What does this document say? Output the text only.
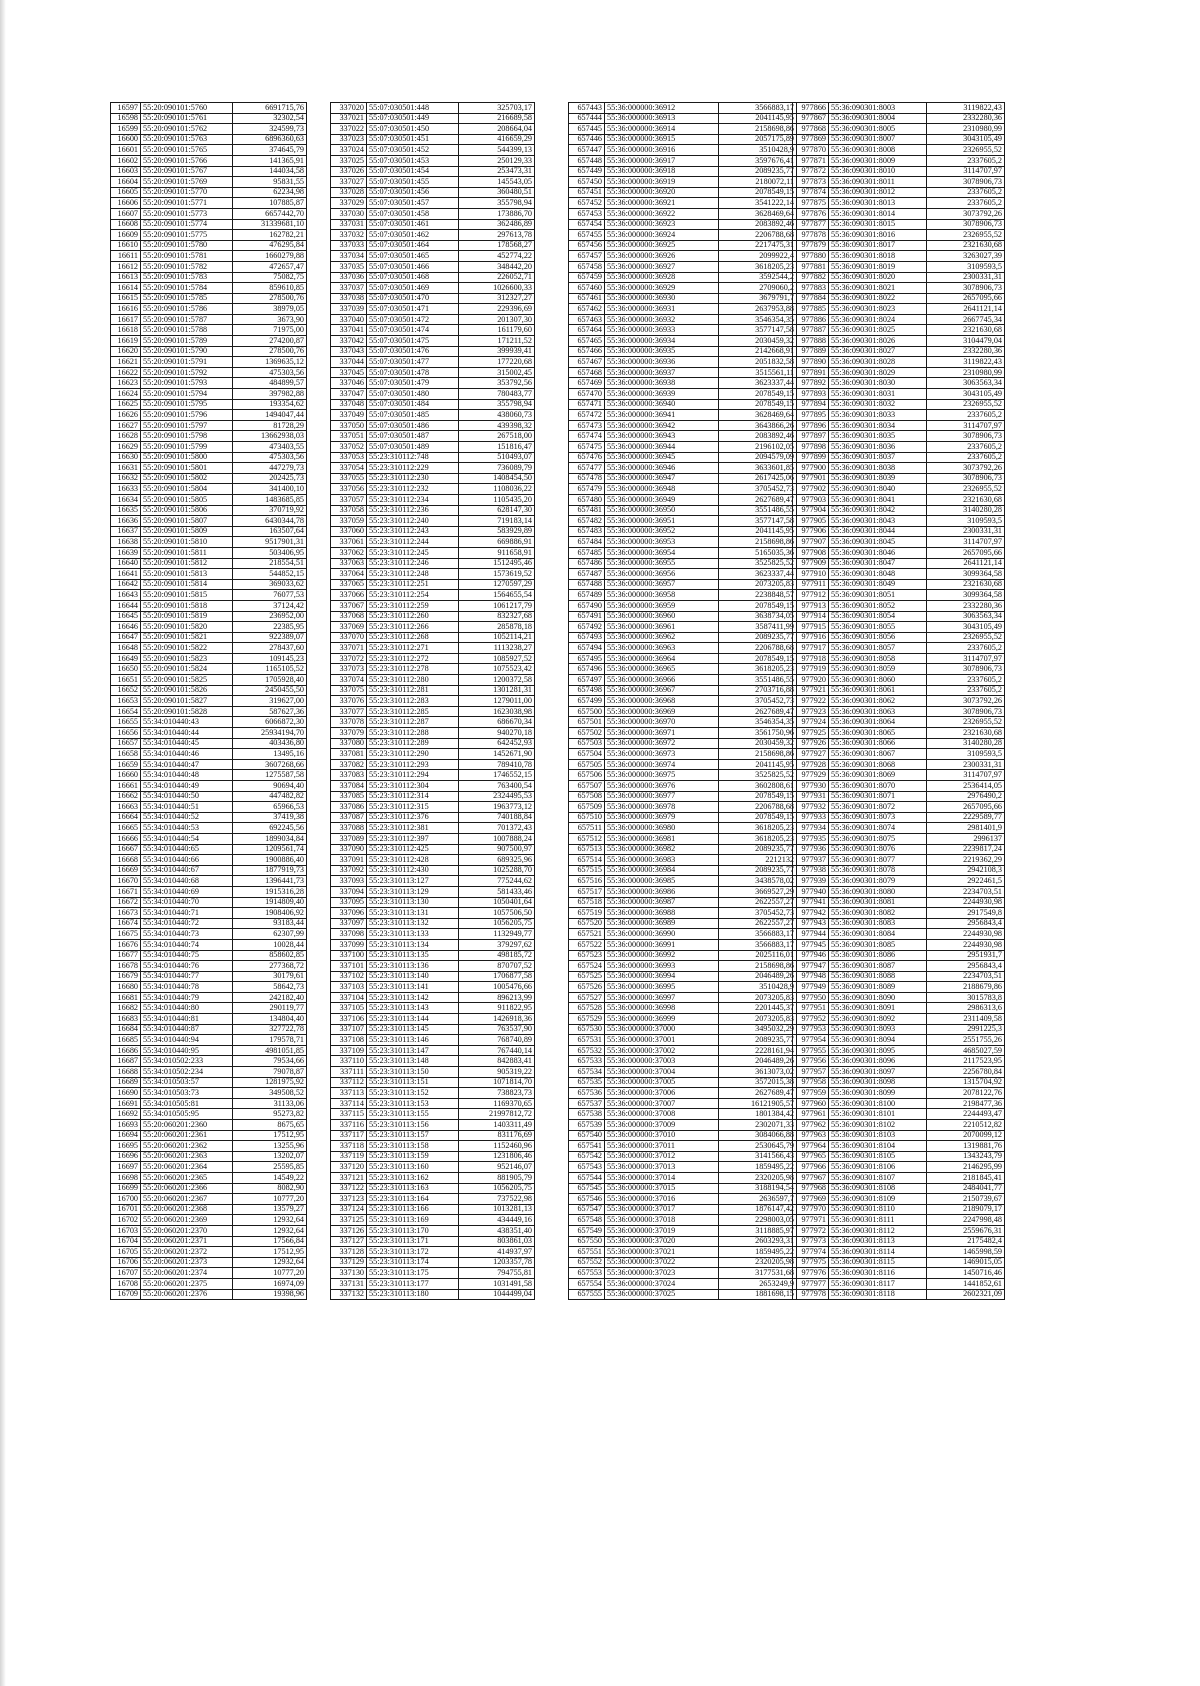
16597	55:20:090101:5760	6691715,76
16598	55:20:090101:5761	32302,54
16599	55:20:090101:5762	324599,73
16600	55:20:090101:5763	6896360,63
16601	55:20:090101:5765	374645,79
16602	55:20:090101:5766	141365,91
16603	55:20:090101:5767	144034,58
16604	55:20:090101:5769	95831,55
16605	55:20:090101:5770	62234,98
16606	55:20:090101:5771	107885,87
16607	55:20:090101:5773	6657442,70
16608	55:20:090101:5774	31339681,10
16609	55:20:090101:5775	162782,21
16610	55:20:090101:5780	476295,84
16611	55:20:090101:5781	1660279,88
16612	55:20:090101:5782	472657,47
16613	55:20:090101:5783	75082,75
16614	55:20:090101:5784	859610,85
16615	55:20:090101:5785	278500,76
16616	55:20:090101:5786	38979,05
16617	55:20:090101:5787	3673,90
16618	55:20:090101:5788	71975,00
16619	55:20:090101:5789	274200,87
16620	55:20:090101:5790	278500,76
16621	55:20:090101:5791	1369635,12
16622	55:20:090101:5792	475303,56
16623	55:20:090101:5793	484899,57
16624	55:20:090101:5794	397982,88
16625	55:20:090101:5795	193354,62
16626	55:20:090101:5796	1494047,44
16627	55:20:090101:5797	81728,29
16628	55:20:090101:5798	13662938,03
16629	55:20:090101:5799	473403,55
16630	55:20:090101:5800	475303,56
16631	55:20:090101:5801	447279,73
16632	55:20:090101:5802	202425,73
16633	55:20:090101:5804	341400,10
16634	55:20:090101:5805	1483685,85
16635	55:20:090101:5806	370719,92
16636	55:20:090101:5807	6430344,78
16637	55:20:090101:5809	163507,64
16638	55:20:090101:5810	9517901,31
16639	55:20:090101:5811	503406,95
16640	55:20:090101:5812	218554,51
16641	55:20:090101:5813	544852,15
16642	55:20:090101:5814	369033,62
16643	55:20:090101:5815	76077,53
16644	55:20:090101:5818	37124,42
16645	55:20:090101:5819	236952,00
16646	55:20:090101:5820	22385,95
16647	55:20:090101:5821	922389,07
16648	55:20:090101:5822	278437,60
16649	55:20:090101:5823	109145,23
16650	55:20:090101:5824	1165105,52
16651	55:20:090101:5825	1705928,40
16652	55:20:090101:5826	2450455,50
16653	55:20:090101:5827	319627,00
16654	55:20:090101:5828	587627,36
16655	55:34:010440:43	6066872,30
16656	55:34:010440:44	25934194,70
16657	55:34:010440:45	403436,80
16658	55:34:010440:46	13495,16
16659	55:34:010440:47	3607268,66
16660	55:34:010440:48	1275587,58
16661	55:34:010440:49	90694,40
16662	55:34:010440:50	447482,82
16663	55:34:010440:51	65966,53
16664	55:34:010440:52	37419,38
16665	55:34:010440:53	692245,56
16666	55:34:010440:54	1899034,84
16667	55:34:010440:65	1209561,74
16668	55:34:010440:66	1900886,40
16669	55:34:010440:67	1877919,73
16670	55:34:010440:68	1396441,73
16671	55:34:010440:69	1915316,28
16672	55:34:010440:70	1914809,40
16673	55:34:010440:71	1908406,92
16674	55:34:010440:72	93183,44
16675	55:34:010440:73	62307,99
16676	55:34:010440:74	10028,44
16677	55:34:010440:75	858602,85
16678	55:34:010440:76	277368,72
16679	55:34:010440:77	30179,61
16680	55:34:010440:78	58642,73
16681	55:34:010440:79	242182,40
16682	55:34:010440:80	290119,77
16683	55:34:010440:81	134804,40
16684	55:34:010440:87	327722,78
16685	55:34:010440:94	179578,71
16686	55:34:010440:95	4981051,85
16687	55:34:010502:233	79534,66
16688	55:34:010502:234	79078,87
16689	55:34:010503:57	1281975,92
16690	55:34:010503:73	349508,52
16691	55:34:010505:81	31133,06
16692	55:34:010505:95	95273,82
16693	55:20:060201:2360	8675,65
16694	55:20:060201:2361	17512,95
16695	55:20:060201:2362	13255,96
16696	55:20:060201:2363	13202,07
16697	55:20:060201:2364	25595,85
16698	55:20:060201:2365	14549,22
16699	55:20:060201:2366	8082,90
16700	55:20:060201:2367	10777,20
16701	55:20:060201:2368	13579,27
16702	55:20:060201:2369	12932,64
16703	55:20:060201:2370	12932,64
16704	55:20:060201:2371	17566,84
16705	55:20:060201:2372	17512,95
16706	55:20:060201:2373	12932,64
16707	55:20:060201:2374	10777,20
16708	55:20:060201:2375	16974,09
16709	55:20:060201:2376	19398,96
337020	55:07:030501:448	325703,17
337021	55:07:030501:449	216689,58
337022	55:07:030501:450	208664,04
337023	55:07:030501:451	416659,29
337024	55:07:030501:452	544399,13
337025	55:07:030501:453	250129,33
337026	55:07:030501:454	253473,31
337027	55:07:030501:455	145543,05
337028	55:07:030501:456	360480,51
337029	55:07:030501:457	355798,94
337030	55:07:030501:458	173886,70
337031	55:07:030501:461	362486,89
337032	55:07:030501:462	297613,78
337033	55:07:030501:464	178568,27
337034	55:07:030501:465	452774,22
337035	55:07:030501:466	348442,20
337036	55:07:030501:468	226052,71
337037	55:07:030501:469	1026600,33
337038	55:07:030501:470	312327,27
337039	55:07:030501:471	229396,69
337040	55:07:030501:472	201307,30
337041	55:07:030501:474	161179,60
337042	55:07:030501:475	171211,52
337043	55:07:030501:476	399939,41
337044	55:07:030501:477	177220,68
337045	55:07:030501:478	315002,45
337046	55:07:030501:479	353792,56
337047	55:07:030501:480	780483,77
337048	55:07:030501:484	355798,94
337049	55:07:030501:485	438060,73
337050	55:07:030501:486	439398,32
337051	55:07:030501:487	267518,00
337052	55:07:030501:489	151816,47
337053	55:23:310112:748	510493,07
337054	55:23:310112:229	736089,79
337055	55:23:310112:230	1408454,50
337056	55:23:310112:232	1108036,22
337057	55:23:310112:234	1105435,20
337058	55:23:310112:236	628147,30
337059	55:23:310112:240	719183,14
337060	55:23:310112:243	583929,89
337061	55:23:310112:244	669886,91
337062	55:23:310112:245	911658,91
337063	55:23:310112:246	1512495,46
337064	55:23:310112:248	1573619,52
337065	55:23:310112:251	1270597,29
337066	55:23:310112:254	1564655,54
337067	55:23:310112:259	1061217,79
337068	55:23:310112:260	832327,68
337069	55:23:310112:266	285878,18
337070	55:23:310112:268	1052114,21
337071	55:23:310112:271	1113238,27
337072	55:23:310112:272	1085927,52
337073	55:23:310112:278	1075523,42
337074	55:23:310112:280	1200372,58
337075	55:23:310112:281	1301281,31
337076	55:23:310112:283	1279011,00
337077	55:23:310112:285	1623038,98
337078	55:23:310112:287	686670,34
337079	55:23:310112:288	940270,18
337080	55:23:310112:289	642452,93
337081	55:23:310112:290	1452671,90
337082	55:23:310112:293	789410,78
337083	55:23:310112:294	1746552,15
337084	55:23:310112:304	763400,54
337085	55:23:310112:314	2324495,53
337086	55:23:310112:315	1963773,12
337087	55:23:310112:376	740188,84
337088	55:23:310112:381	701372,43
337089	55:23:310112:397	1007888,24
337090	55:23:310112:425	907500,97
337091	55:23:310112:428	689325,96
337092	55:23:310112:430	1025288,70
337093	55:23:310113:127	775244,62
337094	55:23:310113:129	581433,46
337095	55:23:310113:130	1050401,64
337096	55:23:310113:131	1057506,50
337097	55:23:310113:132	1056205,75
337098	55:23:310113:133	1132949,77
337099	55:23:310113:134	379297,62
337100	55:23:310113:135	498185,72
337101	55:23:310113:136	870707,52
337102	55:23:310113:140	1706877,58
337103	55:23:310113:141	1005476,66
337104	55:23:310113:142	896213,99
337105	55:23:310113:143	911822,95
337106	55:23:310113:144	1426918,36
337107	55:23:310113:145	763537,90
337108	55:23:310113:146	768740,89
337109	55:23:310113:147	767440,14
337110	55:23:310113:148	842883,41
337111	55:23:310113:150	905319,22
337112	55:23:310113:151	1071814,70
337113	55:23:310113:152	738823,73
337114	55:23:310113:153	1169370,65
337115	55:23:310113:155	21997812,72
337116	55:23:310113:156	1403311,49
337117	55:23:310113:157	831176,69
337118	55:23:310113:158	1152460,96
337119	55:23:310113:159	1231806,46
337120	55:23:310113:160	952146,07
337121	55:23:310113:162	881905,79
337122	55:23:310113:163	1056205,75
337123	55:23:310113:164	737522,98
337124	55:23:310113:166	1013281,13
337125	55:23:310113:169	434449,16
337126	55:23:310113:170	438351,40
337127	55:23:310113:171	803861,03
337128	55:23:310113:172	414937,97
337129	55:23:310113:174	1203357,78
337130	55:23:310113:175	794755,81
337131	55:23:310113:177	1031491,58
337132	55:23:310113:180	1044499,04
657443	55:36:000000:36912	3566883,17
657444	55:36:000000:36913	2041145,95
657445	55:36:000000:36914	2158698,86
657446	55:36:000000:36915	2057175,89
657447	55:36:000000:36916	3510428,9
657448	55:36:000000:36917	3597676,41
657449	55:36:000000:36918	2089235,77
657450	55:36:000000:36919	2180072,11
657451	55:36:000000:36920	2078549,15
657452	55:36:000000:36921	3541222,14
657453	55:36:000000:36922	3628469,64
657454	55:36:000000:36923	2083892,46
657455	55:36:000000:36924	2206788,68
657456	55:36:000000:36925	2217475,31
657457	55:36:000000:36926	2099922,4
657458	55:36:000000:36927	3618205,23
657459	55:36:000000:36928	3592544,2
657460	55:36:000000:36929	2709060,2
657461	55:36:000000:36930	3679791,7
657462	55:36:000000:36931	2637953,88
657463	55:36:000000:36932	3546354,35
657464	55:36:000000:36933	3577147,58
657465	55:36:000000:36934	2030459,32
657466	55:36:000000:36935	2142668,91
657467	55:36:000000:36936	2051832,58
657468	55:36:000000:36937	3515561,11
657469	55:36:000000:36938	3623337,44
657470	55:36:000000:36939	2078549,15
657471	55:36:000000:36940	2078549,15
657472	55:36:000000:36941	3628469,64
657473	55:36:000000:36942	3643866,26
657474	55:36:000000:36943	2083892,46
657475	55:36:000000:36944	2196102,05
657476	55:36:000000:36945	2094579,09
657477	55:36:000000:36946	3633601,85
657478	55:36:000000:36947	2617425,06
657479	55:36:000000:36948	3705452,73
657480	55:36:000000:36949	2627689,47
657481	55:36:000000:36950	3551486,55
657482	55:36:000000:36951	3577147,58
657483	55:36:000000:36952	2041145,95
657484	55:36:000000:36953	2158698,86
657485	55:36:000000:36954	5165035,36
657486	55:36:000000:36955	3525825,52
657487	55:36:000000:36956	3623337,44
657488	55:36:000000:36957	2073205,83
657489	55:36:000000:36958	2238848,57
657490	55:36:000000:36959	2078549,15
657491	55:36:000000:36960	3638734,05
657492	55:36:000000:36961	3587411,99
657493	55:36:000000:36962	2089235,77
657494	55:36:000000:36963	2206788,68
657495	55:36:000000:36964	2078549,15
657496	55:36:000000:36965	3618205,23
657497	55:36:000000:36966	3551486,55
657498	55:36:000000:36967	2703716,88
657499	55:36:000000:36968	3705452,73
657500	55:36:000000:36969	2627689,47
657501	55:36:000000:36970	3546354,35
657502	55:36:000000:36971	3561750,96
657503	55:36:000000:36972	2030459,32
657504	55:36:000000:36973	2158698,86
657505	55:36:000000:36974	2041145,95
657506	55:36:000000:36975	3525825,52
657507	55:36:000000:36976	3602808,61
657508	55:36:000000:36977	2078549,15
657509	55:36:000000:36978	2206788,68
657510	55:36:000000:36979	2078549,15
657511	55:36:000000:36980	3618205,23
657512	55:36:000000:36981	3618205,23
657513	55:36:000000:36982	2089235,77
657514	55:36:000000:36983	2212132
657515	55:36:000000:36984	2089235,77
657516	55:36:000000:36985	3438578,02
657517	55:36:000000:36986	3669527,29
657518	55:36:000000:36987	2622557,27
657519	55:36:000000:36988	3705452,73
657520	55:36:000000:36989	2622557,27
657521	55:36:000000:36990	3566883,17
657522	55:36:000000:36991	3566883,17
657523	55:36:000000:36992	2025116,01
657524	55:36:000000:36993	2158698,86
657525	55:36:000000:36994	2046489,26
657526	55:36:000000:36995	3510428,9
657527	55:36:000000:36997	2073205,83
657528	55:36:000000:36998	2201445,37
657529	55:36:000000:36999	2073205,83
657530	55:36:000000:37000	3495032,29
657531	55:36:000000:37001	2089235,77
657532	55:36:000000:37002	2228161,94
657533	55:36:000000:37003	2046489,26
657534	55:36:000000:37004	3613073,02
657535	55:36:000000:37005	3572015,38
657536	55:36:000000:37006	2627689,47
657537	55:36:000000:37007	16121905,57
657538	55:36:000000:37008	1801384,42
657539	55:36:000000:37009	2302071,33
657540	55:36:000000:37010	3084066,88
657541	55:36:000000:37011	2530645,79
657542	55:36:000000:37012	3141566,43
657543	55:36:000000:37013	1859495,22
657544	55:36:000000:37014	2320205,98
657545	55:36:000000:37015	3188194,54
657546	55:36:000000:37016	2636597,7
657547	55:36:000000:37017	1876147,42
657548	55:36:000000:37018	2298003,05
657549	55:36:000000:37019	3118885,97
657550	55:36:000000:37020	2603293,31
657551	55:36:000000:37021	1859495,22
657552	55:36:000000:37022	2320205,98
657553	55:36:000000:37023	3177531,68
657554	55:36:000000:37024	2653249,9
657555	55:36:000000:37025	1881698,15
977866	55:36:090301:8003	3119822,43
977867	55:36:090301:8004	2332280,36
977868	55:36:090301:8005	2310980,99
977869	55:36:090301:8007	3043105,49
977870	55:36:090301:8008	2326955,52
977871	55:36:090301:8009	2337605,2
977872	55:36:090301:8010	3114707,97
977873	55:36:090301:8011	3078906,73
977874	55:36:090301:8012	2337605,2
977875	55:36:090301:8013	2337605,2
977876	55:36:090301:8014	3073792,26
977877	55:36:090301:8015	3078906,73
977878	55:36:090301:8016	2326955,52
977879	55:36:090301:8017	2321630,68
977880	55:36:090301:8018	3263027,39
977881	55:36:090301:8019	3109593,5
977882	55:36:090301:8020	2300331,31
977883	55:36:090301:8021	3078906,73
977884	55:36:090301:8022	2657095,66
977885	55:36:090301:8023	2641121,14
977886	55:36:090301:8024	2667745,34
977887	55:36:090301:8025	2321630,68
977888	55:36:090301:8026	3104479,04
977889	55:36:090301:8027	2332280,36
977890	55:36:090301:8028	3119822,43
977891	55:36:090301:8029	2310980,99
977892	55:36:090301:8030	3063563,34
977893	55:36:090301:8031	3043105,49
977894	55:36:090301:8032	2326955,52
977895	55:36:090301:8033	2337605,2
977896	55:36:090301:8034	3114707,97
977897	55:36:090301:8035	3078906,73
977898	55:36:090301:8036	2337605,2
977899	55:36:090301:8037	2337605,2
977900	55:36:090301:8038	3073792,26
977901	55:36:090301:8039	3078906,73
977902	55:36:090301:8040	2326955,52
977903	55:36:090301:8041	2321630,68
977904	55:36:090301:8042	3140280,28
977905	55:36:090301:8043	3109593,5
977906	55:36:090301:8044	2300331,31
977907	55:36:090301:8045	3114707,97
977908	55:36:090301:8046	2657095,66
977909	55:36:090301:8047	2641121,14
977910	55:36:090301:8048	3099364,58
977911	55:36:090301:8049	2321630,68
977912	55:36:090301:8051	3099364,58
977913	55:36:090301:8052	2332280,36
977914	55:36:090301:8054	3063563,34
977915	55:36:090301:8055	3043105,49
977916	55:36:090301:8056	2326955,52
977917	55:36:090301:8057	2337605,2
977918	55:36:090301:8058	3114707,97
977919	55:36:090301:8059	3078906,73
977920	55:36:090301:8060	2337605,2
977921	55:36:090301:8061	2337605,2
977922	55:36:090301:8062	3073792,26
977923	55:36:090301:8063	3078906,73
977924	55:36:090301:8064	2326955,52
977925	55:36:090301:8065	2321630,68
977926	55:36:090301:8066	3140280,28
977927	55:36:090301:8067	3109593,5
977928	55:36:090301:8068	2300331,31
977929	55:36:090301:8069	3114707,97
977930	55:36:090301:8070	2536414,05
977931	55:36:090301:8071	2976490,2
977932	55:36:090301:8072	2657095,66
977933	55:36:090301:8073	2229589,77
977934	55:36:090301:8074	2981401,9
977935	55:36:090301:8075	2996137
977936	55:36:090301:8076	2239817,24
977937	55:36:090301:8077	2219362,29
977938	55:36:090301:8078	2942108,3
977939	55:36:090301:8079	2922461,5
977940	55:36:090301:8080	2234703,51
977941	55:36:090301:8081	2244930,98
977942	55:36:090301:8082	2917549,8
977943	55:36:090301:8083	2956843,4
977944	55:36:090301:8084	2244930,98
977945	55:36:090301:8085	2244930,98
977946	55:36:090301:8086	2951931,7
977947	55:36:090301:8087	2956843,4
977948	55:36:090301:8088	2234703,51
977949	55:36:090301:8089	2188679,86
977950	55:36:090301:8090	3015783,8
977951	55:36:090301:8091	2986313,6
977952	55:36:090301:8092	2311409,58
977953	55:36:090301:8093	2991225,3
977954	55:36:090301:8094	2551755,26
977955	55:36:090301:8095	4685027,59
977956	55:36:090301:8096	2117523,95
977957	55:36:090301:8097	2256780,84
977958	55:36:090301:8098	1315704,92
977959	55:36:090301:8099	2078122,76
977960	55:36:090301:8100	2198477,36
977961	55:36:090301:8101	2244493,47
977962	55:36:090301:8102	2210512,82
977963	55:36:090301:8103	2070099,12
977964	55:36:090301:8104	1319881,76
977965	55:36:090301:8105	1343243,79
977966	55:36:090301:8106	2146295,99
977967	55:36:090301:8107	2181845,41
977968	55:36:090301:8108	2484041,77
977969	55:36:090301:8109	2150739,67
977970	55:36:090301:8110	2189079,17
977971	55:36:090301:8111	2247998,48
977972	55:36:090301:8112	2559676,31
977973	55:36:090301:8113	2175482,4
977974	55:36:090301:8114	1465998,59
977975	55:36:090301:8115	1469015,05
977976	55:36:090301:8116	1450716,46
977977	55:36:090301:8117	1441852,61
977978	55:36:090301:8118	2602321,09
